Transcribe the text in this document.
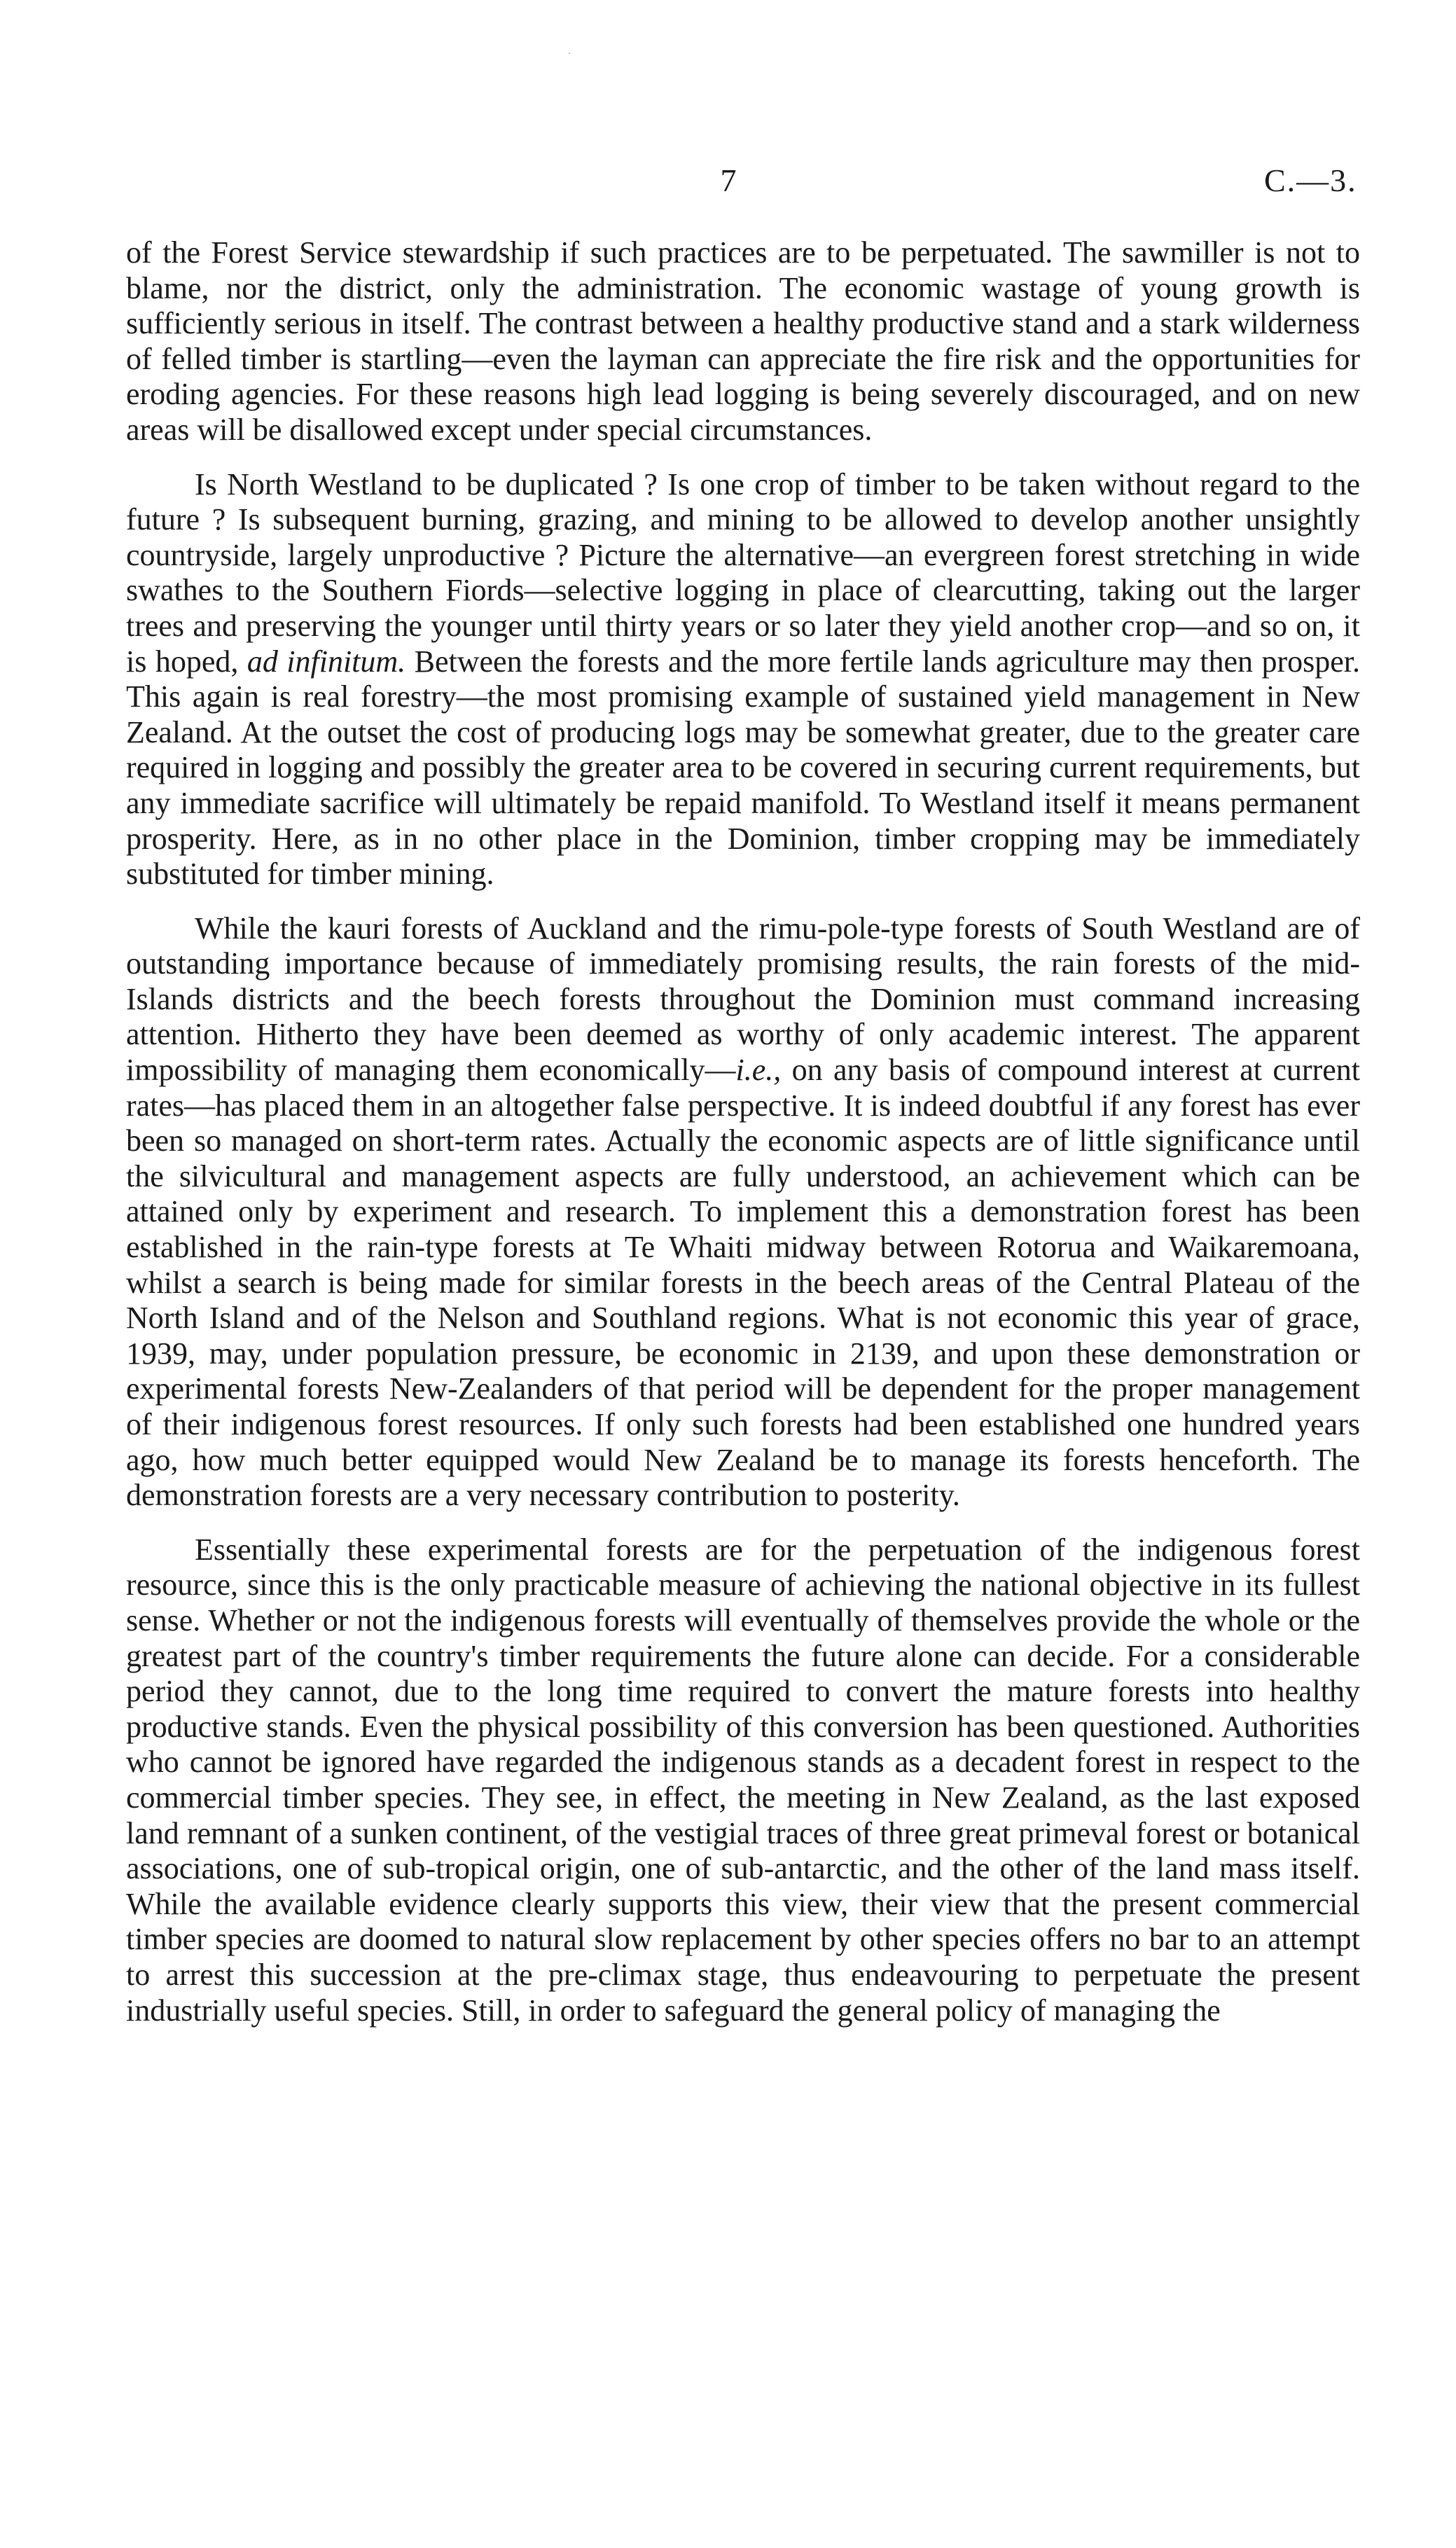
7	C.—3.

of the Forest Service stewardship if such practices are to be perpetuated. The sawmiller is not to blame, nor the district, only the administration. The economic wastage of young growth is sufficiently serious in itself. The contrast between a healthy productive stand and a stark wilderness of felled timber is startling—even the layman can appreciate the fire risk and the opportunities for eroding agencies. For these reasons high lead logging is being severely discouraged, and on new areas will be disallowed except under special circumstances.

Is North Westland to be duplicated ? Is one crop of timber to be taken without regard to the future ? Is subsequent burning, grazing, and mining to be allowed to develop another unsightly countryside, largely unproductive ? Picture the alternative—an evergreen forest stretching in wide swathes to the Southern Fiords—selective logging in place of clearcutting, taking out the larger trees and preserving the younger until thirty years or so later they yield another crop—and so on, it is hoped, ad infinitum. Between the forests and the more fertile lands agriculture may then prosper. This again is real forestry—the most promising example of sustained yield management in New Zealand. At the outset the cost of producing logs may be somewhat greater, due to the greater care required in logging and possibly the greater area to be covered in securing current requirements, but any immediate sacrifice will ultimately be repaid manifold. To Westland itself it means permanent prosperity. Here, as in no other place in the Dominion, timber cropping may be immediately substituted for timber mining.

While the kauri forests of Auckland and the rimu-pole-type forests of South Westland are of outstanding importance because of immediately promising results, the rain forests of the mid-Islands districts and the beech forests throughout the Dominion must command increasing attention. Hitherto they have been deemed as worthy of only academic interest. The apparent impossibility of managing them economically—i.e., on any basis of compound interest at current rates—has placed them in an altogether false perspective. It is indeed doubtful if any forest has ever been so managed on short-term rates. Actually the economic aspects are of little significance until the silvicultural and management aspects are fully understood, an achievement which can be attained only by experiment and research. To implement this a demonstration forest has been established in the rain-type forests at Te Whaiti midway between Rotorua and Waikaremoana, whilst a search is being made for similar forests in the beech areas of the Central Plateau of the North Island and of the Nelson and Southland regions. What is not economic this year of grace, 1939, may, under population pressure, be economic in 2139, and upon these demonstration or experimental forests New-Zealanders of that period will be dependent for the proper management of their indigenous forest resources. If only such forests had been established one hundred years ago, how much better equipped would New Zealand be to manage its forests henceforth. The demonstration forests are a very necessary contribution to posterity.

Essentially these experimental forests are for the perpetuation of the indigenous forest resource, since this is the only practicable measure of achieving the national objective in its fullest sense. Whether or not the indigenous forests will eventually of themselves provide the whole or the greatest part of the country's timber requirements the future alone can decide. For a considerable period they cannot, due to the long time required to convert the mature forests into healthy productive stands. Even the physical possibility of this conversion has been questioned. Authorities who cannot be ignored have regarded the indigenous stands as a decadent forest in respect to the commercial timber species. They see, in effect, the meeting in New Zealand, as the last exposed land remnant of a sunken continent, of the vestigial traces of three great primeval forest or botanical associations, one of sub-tropical origin, one of sub-antarctic, and the other of the land mass itself. While the available evidence clearly supports this view, their view that the present commercial timber species are doomed to natural slow replacement by other species offers no bar to an attempt to arrest this succession at the pre-climax stage, thus endeavouring to perpetuate the present industrially useful species. Still, in order to safeguard the general policy of managing the
